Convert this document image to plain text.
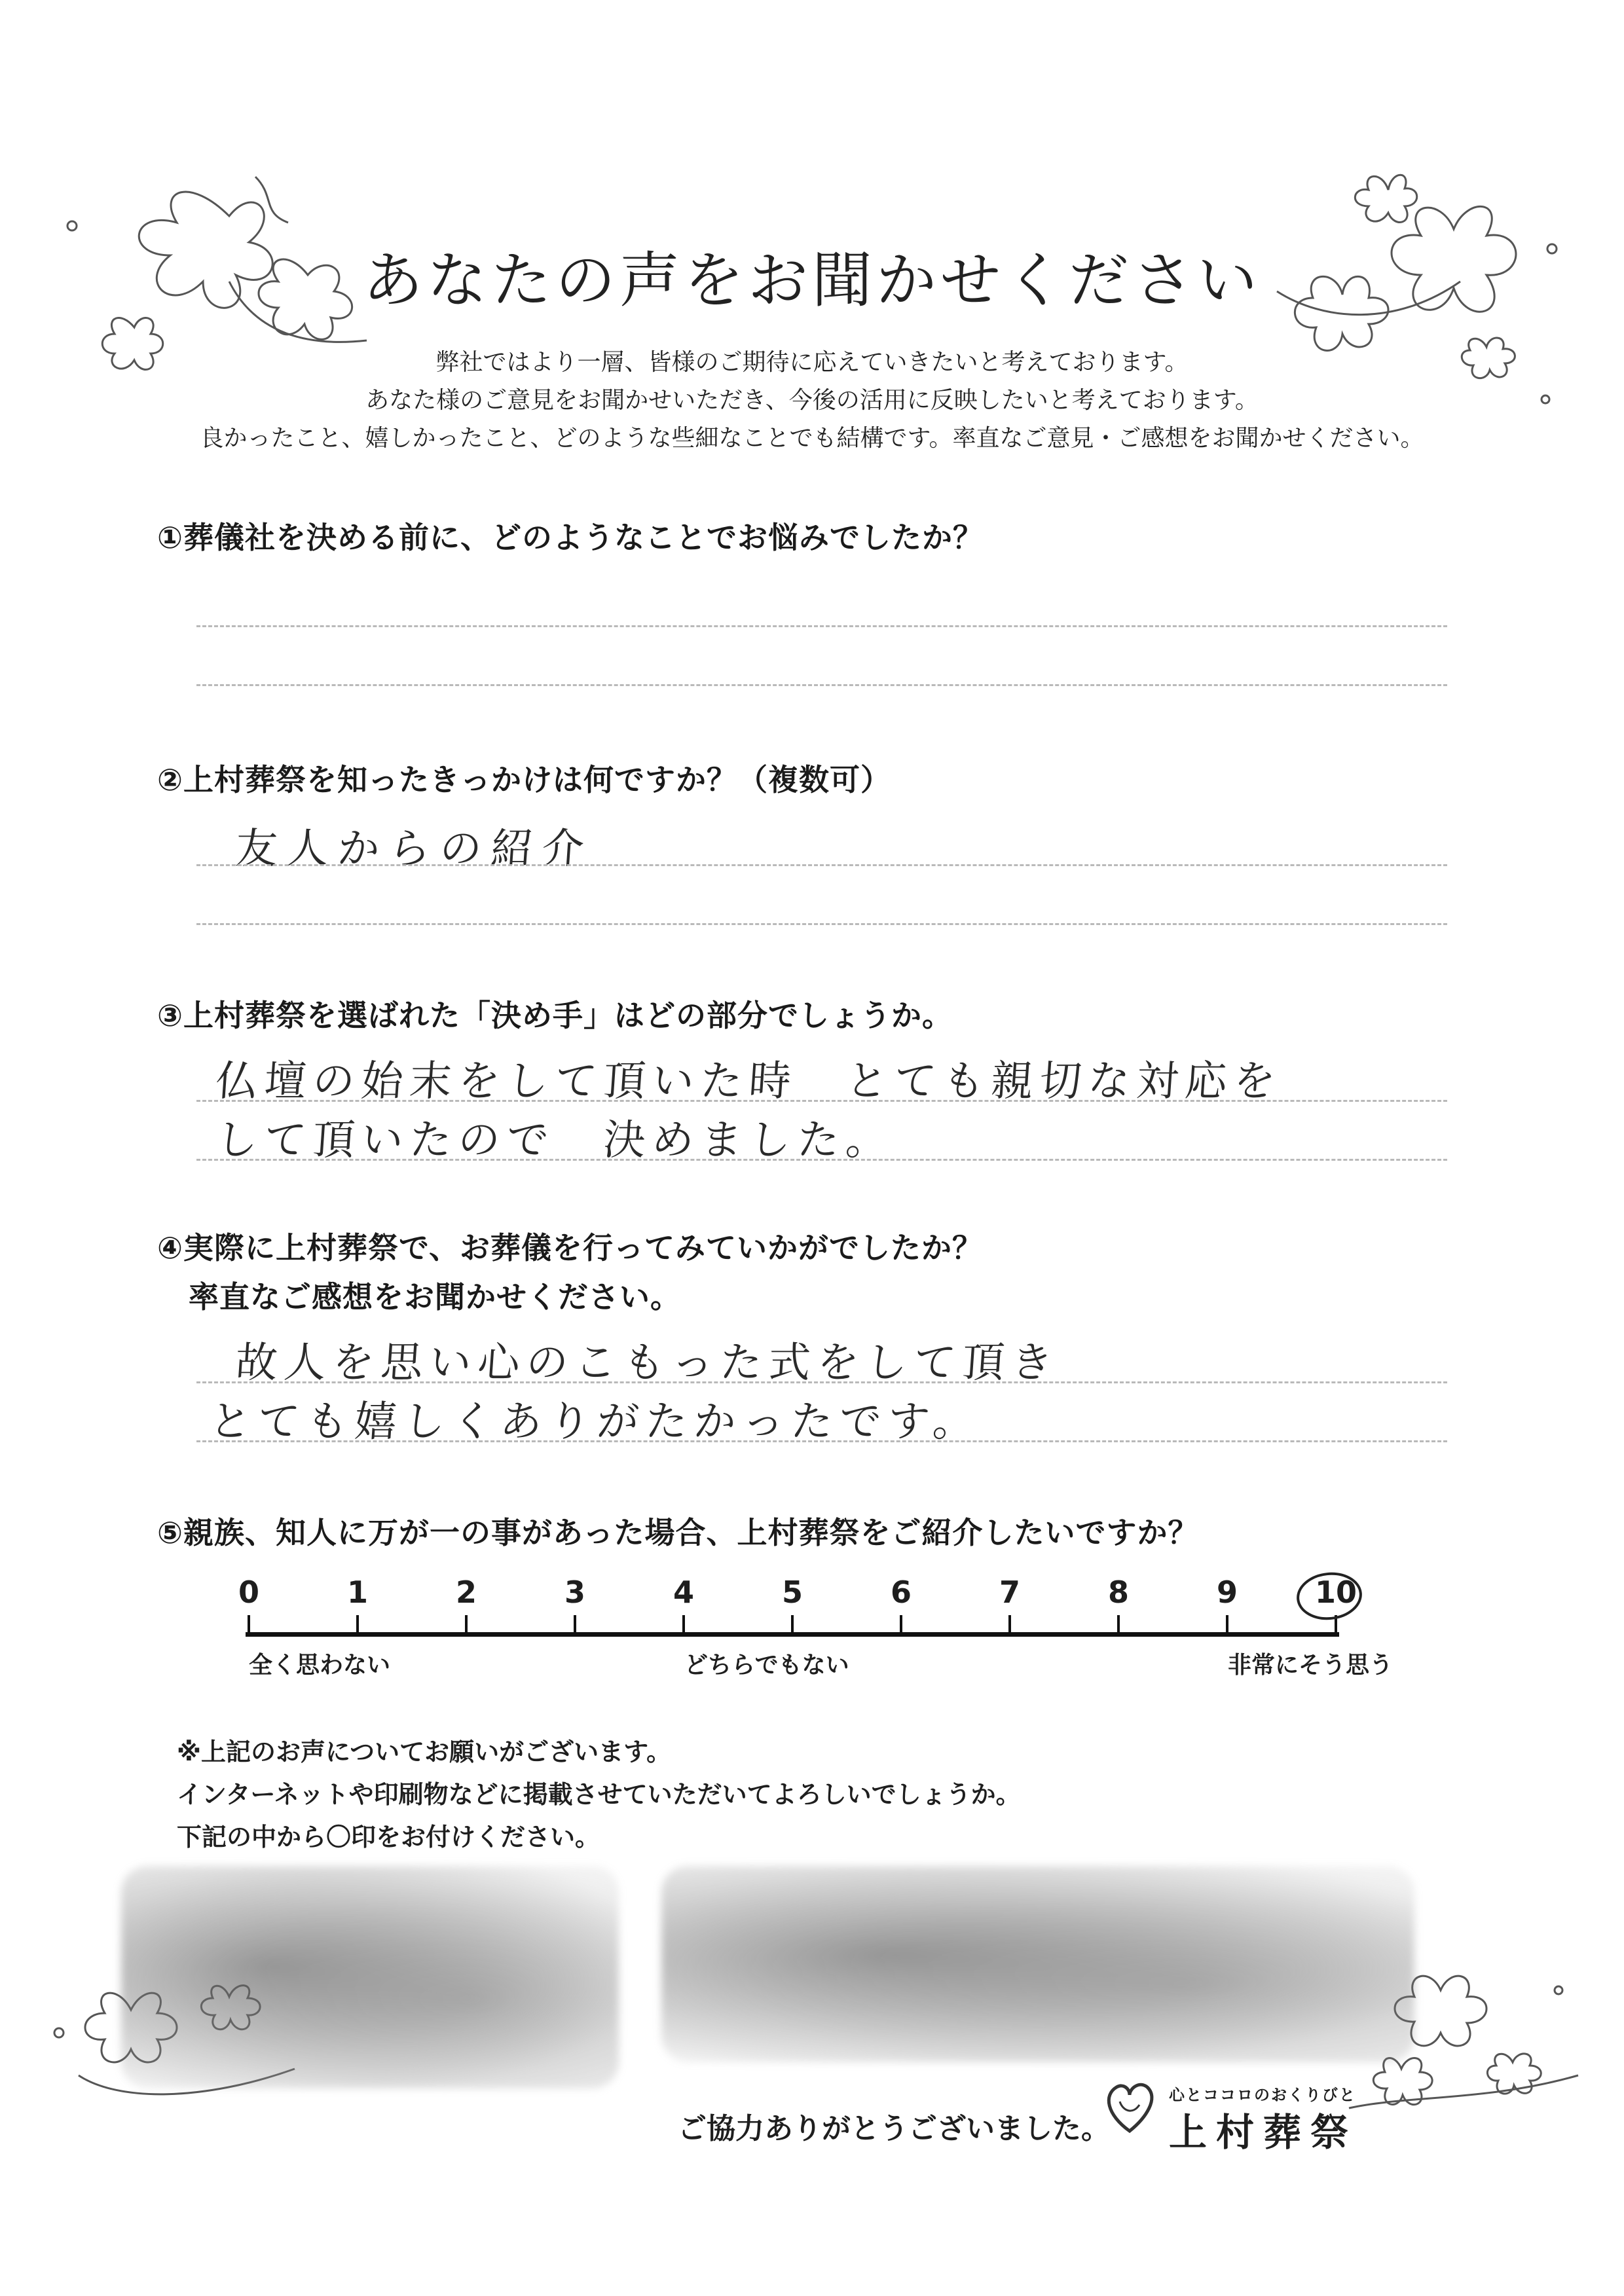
あなたの声をお聞かせください
弊社ではより一層、皆様のご期待に応えていきたいと考えております。
あなた様のご意見をお聞かせいただき、今後の活用に反映したいと考えております。
良かったこと、嬉しかったこと、どのような些細なことでも結構です。率直なご意見・ご感想をお聞かせください。
①葬儀社を決める前に、どのようなことでお悩みでしたか？
②上村葬祭を知ったきっかけは何ですか？（複数可）
友人からの紹介
③上村葬祭を選ばれた「決め手」はどの部分でしょうか。
仏壇の始末をして頂いた時　とても親切な対応を
して頂いたので　決めました。
④実際に上村葬祭で、お葬儀を行ってみていかがでしたか？
率直なご感想をお聞かせください。
故人を思い心のこもった式をして頂き
とても嬉しくありがたかったです。
⑤親族、知人に万が一の事があった場合、上村葬祭をご紹介したいですか？
0	1	2	3	4	5	6	7	8	9	10
全く思わない	どちらでもない	非常にそう思う
※上記のお声についてお願いがございます。
インターネットや印刷物などに掲載させていただいてよろしいでしょうか。
下記の中から〇印をお付けください。
ご協力ありがとうございました。
心とココロのおくりびと
上村葬祭
